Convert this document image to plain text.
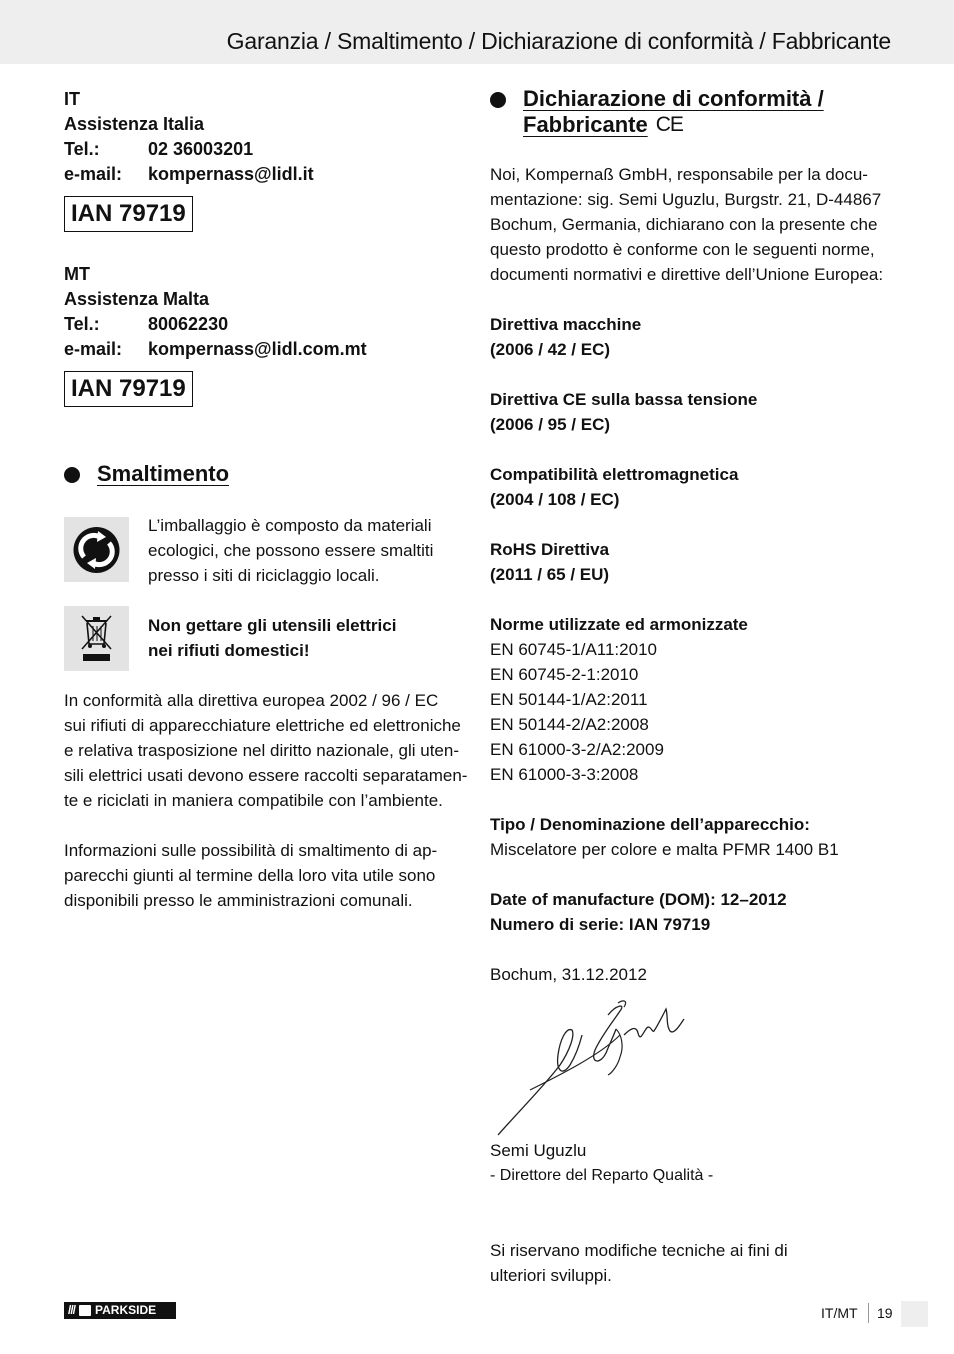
Garanzia / Smaltimento / Dichiarazione di conformità / Fabbricante
IT
Assistenza Italia
Tel.:	02 36003201
e-mail:	kompernass@lidl.it
IAN 79719
MT
Assistenza Malta
Tel.:	80062230
e-mail:	kompernass@lidl.com.mt
IAN 79719
Smaltimento
L’imballaggio è composto da materiali
ecologici, che possono essere smaltiti
presso i siti di riciclaggio locali.
Non gettare gli utensili elettrici
nei rifiuti domestici!
In conformità alla direttiva europea 2002 / 96 / EC
sui rifiuti di apparecchiature elettriche ed elettroniche
e relativa trasposizione nel diritto nazionale, gli uten-
sili elettrici usati devono essere raccolti separatamen-
te e riciclati in maniera compatibile con l’ambiente.
Informazioni sulle possibilità di smaltimento di ap-
parecchi giunti al termine della loro vita utile sono
disponibili presso le amministrazioni comunali.
Dichiarazione di conformità /
Fabbricante CE
Noi, Kompernaß GmbH, responsabile per la docu-
mentazione: sig. Semi Uguzlu, Burgstr. 21, D-44867
Bochum, Germania, dichiarano con la presente che
questo prodotto è conforme con le seguenti norme,
documenti normativi e direttive dell’Unione Europea:
Direttiva macchine
(2006 / 42 / EC)
Direttiva CE sulla bassa tensione
(2006 / 95 / EC)
Compatibilità elettromagnetica
(2004 / 108 / EC)
RoHS Direttiva
(2011 / 65 / EU)
Norme utilizzate ed armonizzate
EN 60745-1/A11:2010
EN 60745-2-1:2010
EN 50144-1/A2:2011
EN 50144-2/A2:2008
EN 61000-3-2/A2:2009
EN 61000-3-3:2008
Tipo / Denominazione dell’apparecchio:
Miscelatore per colore e malta PFMR 1400 B1
Date of manufacture (DOM): 12–2012
Numero di serie: IAN 79719
Bochum, 31.12.2012
Semi Uguzlu
- Direttore del Reparto Qualità -
Si riservano modifiche tecniche ai fini di
ulteriori sviluppi.
///	PARKSIDE	IT/MT 19
